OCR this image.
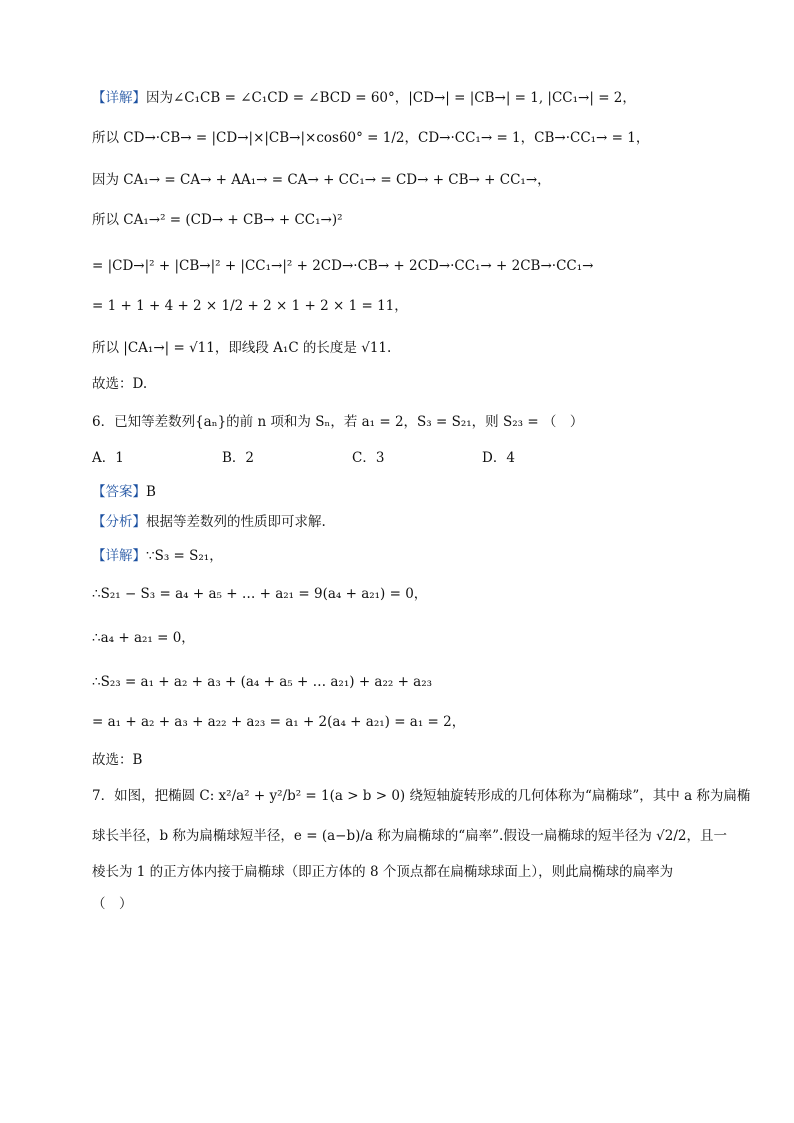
【详解】因为∠C₁CB = ∠C₁CD = ∠BCD = 60°，|CD→| = |CB→| = 1, |CC₁→| = 2，
所以 CD→·CB→ = |CD→|×|CB→|×cos60° = 1/2，CD→·CC₁→ = 1，CB→·CC₁→ = 1，
因为 CA₁→ = CA→ + AA₁→ = CA→ + CC₁→ = CD→ + CB→ + CC₁→，
所以 CA₁→² = (CD→ + CB→ + CC₁→)²
= |CD→|² + |CB→|² + |CC₁→|² + 2CD→·CB→ + 2CD→·CC₁→ + 2CB→·CC₁→
= 1 + 1 + 4 + 2 × 1/2 + 2 × 1 + 2 × 1 = 11，
所以 |CA₁→| = √11，即线段 A₁C 的长度是 √11.
故选：D.
6．已知等差数列{aₙ}的前 n 项和为 Sₙ，若 a₁ = 2，S₃ = S₂₁，则 S₂₃ = （　）
【答案】B
【分析】根据等差数列的性质即可求解.
【详解】∵S₃ = S₂₁，
∴S₂₁ − S₃ = a₄ + a₅ + … + a₂₁ = 9(a₄ + a₂₁) = 0，
∴a₄ + a₂₁ = 0，
∴S₂₃ = a₁ + a₂ + a₃ + (a₄ + a₅ + … a₂₁) + a₂₂ + a₂₃
= a₁ + a₂ + a₃ + a₂₂ + a₂₃ = a₁ + 2(a₄ + a₂₁) = a₁ = 2，
故选：B
7．如图，把椭圆 C: x²/a² + y²/b² = 1(a > b > 0) 绕短轴旋转形成的几何体称为“扁椭球”，其中 a 称为扁椭
球长半径，b 称为扁椭球短半径，e = (a−b)/a 称为扁椭球的“扁率”.假设一扁椭球的短半径为 √2/2，且一
棱长为 1 的正方体内接于扁椭球（即正方体的 8 个顶点都在扁椭球球面上），则此扁椭球的扁率为
（　）
A．1	B．2	C．3	D．4
